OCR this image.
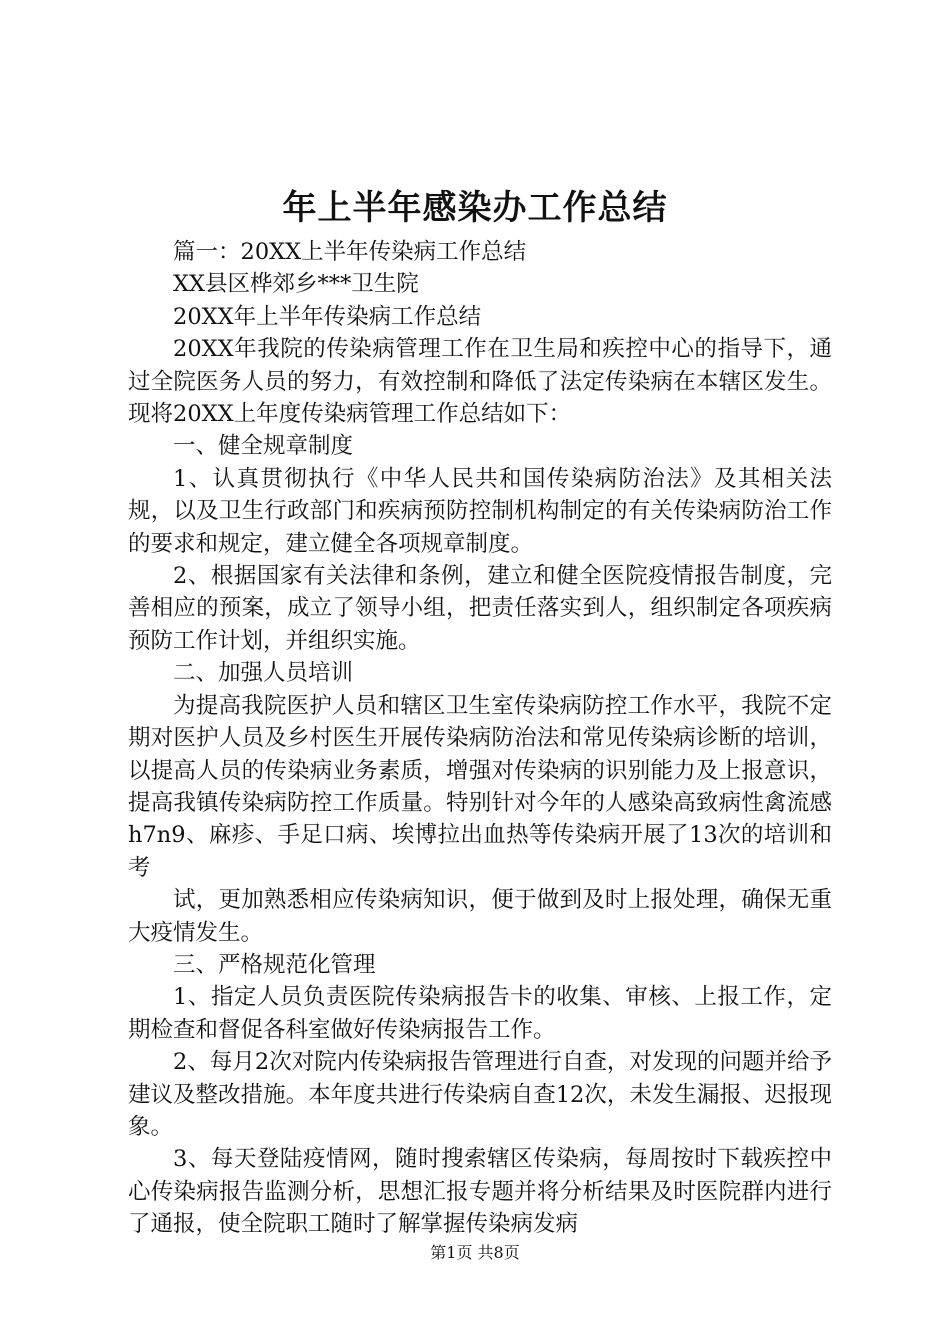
年上半年感染办工作总结

篇一：20XX上半年传染病工作总结

XX县区桦郊乡***卫生院

20XX年上半年传染病工作总结

20XX年我院的传染病管理工作在卫生局和疾控中心的指导下，通过全院医务人员的努力，有效控制和降低了法定传染病在本辖区发生。现将20XX上年度传染病管理工作总结如下：

一、健全规章制度

1、认真贯彻执行《中华人民共和国传染病防治法》及其相关法规，以及卫生行政部门和疾病预防控制机构制定的有关传染病防治工作的要求和规定，建立健全各项规章制度。

2、根据国家有关法律和条例，建立和健全医院疫情报告制度，完善相应的预案，成立了领导小组，把责任落实到人，组织制定各项疾病预防工作计划，并组织实施。

二、加强人员培训

为提高我院医护人员和辖区卫生室传染病防控工作水平，我院不定期对医护人员及乡村医生开展传染病防治法和常见传染病诊断的培训，以提高人员的传染病业务素质，增强对传染病的识别能力及上报意识，提高我镇传染病防控工作质量。特别针对今年的人感染高致病性禽流感h7n9、麻疹、手足口病、埃博拉出血热等传染病开展了13次的培训和考

试，更加熟悉相应传染病知识，便于做到及时上报处理，确保无重大疫情发生。

三、严格规范化管理

1、指定人员负责医院传染病报告卡的收集、审核、上报工作，定期检查和督促各科室做好传染病报告工作。

2、每月2次对院内传染病报告管理进行自查，对发现的问题并给予建议及整改措施。本年度共进行传染病自查12次，未发生漏报、迟报现象。

3、每天登陆疫情网，随时搜索辖区传染病，每周按时下载疾控中心传染病报告监测分析，思想汇报专题并将分析结果及时医院群内进行了通报，使全院职工随时了解掌握传染病发病

第1页 共8页
